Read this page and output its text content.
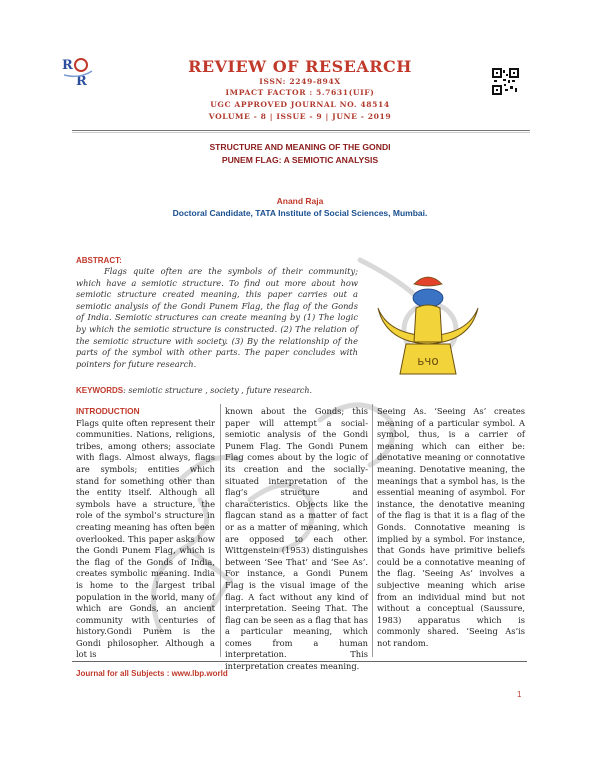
R
R
REVIEW OF RESEARCH
ISSN: 2249-894X
IMPACT FACTOR : 5.7631(UIF)
UGC APPROVED JOURNAL NO. 48514
VOLUME - 8 | ISSUE - 9 | JUNE - 2019
STRUCTURE AND MEANING OF THE GONDI
PUNEM FLAG: A SEMIOTIC ANALYSIS
Anand Raja
Doctoral Candidate, TATA Institute of Social Sciences, Mumbai.
ABSTRACT:
Flags quite often are the symbols of their community; which have a semiotic structure. To find out more about how semiotic structure created meaning, this paper carries out a semiotic analysis of the Gondi Punem Flag, the flag of the Gonds of India. Semiotic structures can create meaning by (1) The logic by which the semiotic structure is constructed. (2) The relation of the semiotic structure with society. (3) By the relationship of the parts of the symbol with other parts. The paper concludes with pointers for future research.	ьчо
KEYWORDS: semiotic structure , society , future research.
INTRODUCTION
Flags quite often represent their communities. Nations, religions, tribes, among others; associate with flags. Almost always, flags are symbols; entities which stand for something other than the entity itself. Although all symbols have a structure, the role of the symbol’s structure in creating meaning has often been overlooked. This paper asks how the Gondi Punem Flag, which is the flag of the Gonds of India, creates symbolic meaning. India is home to the largest tribal population in the world, many of which are Gonds, an ancient community with centuries of history.Gondi Punem is the Gondi philosopher. Although a lot is
known about the Gonds; this paper will attempt a social-semiotic analysis of the Gondi Punem Flag. The Gondi Punem Flag comes about by the logic of its creation and the socially-situated interpretation of the flag’s structure and characteristics. Objects like the flagcan stand as a matter of fact or as a matter of meaning, which are opposed to each other. Wittgenstein (1953) distinguishes between ‘See That’ and ‘See As’. For instance, a Gondi Punem Flag is the visual image of the flag. A fact without any kind of interpretation. Seeing That. The flag can be seen as a flag that has a particular meaning, which comes from a human interpretation. This interpretation creates meaning.
Seeing As. ‘Seeing As’ creates meaning of a particular symbol. A symbol, thus, is a carrier of meaning which can either be: denotative meaning or connotative meaning. Denotative meaning, the meanings that a symbol has, is the essential meaning of asymbol. For instance, the denotative meaning of the flag is that it is a flag of the Gonds. Connotative meaning is implied by a symbol. For instance, that Gonds have primitive beliefs could be a connotative meaning of the flag. ‘Seeing As’ involves a subjective meaning which arise from an individual mind but not without a conceptual (Saussure, 1983) apparatus which is commonly shared. ‘Seeing As’is not random.
Journal for all Subjects : www.lbp.world
1
